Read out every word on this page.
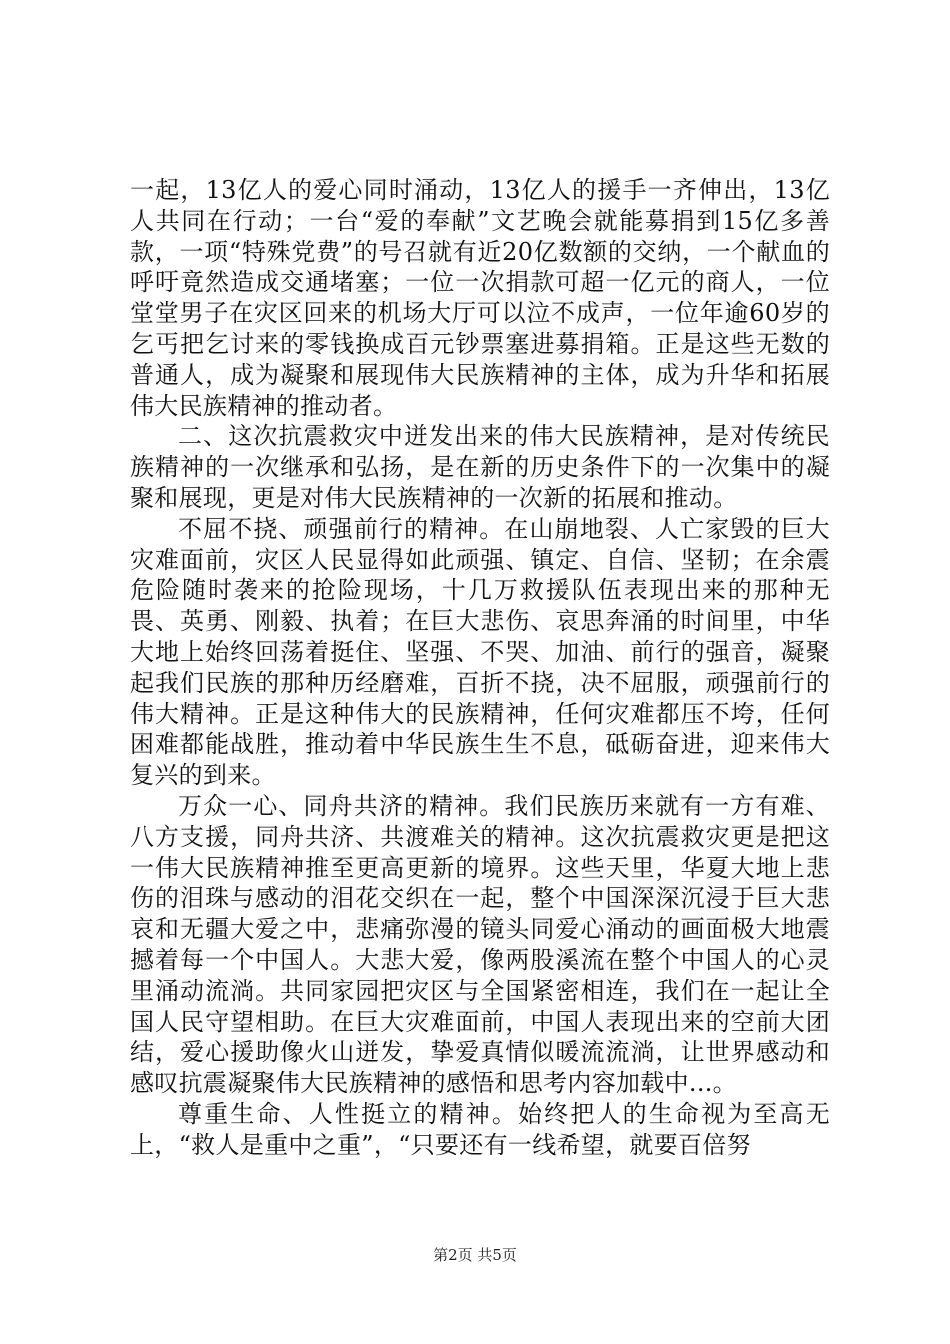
一起，13亿人的爱心同时涌动，13亿人的援手一齐伸出，13亿人共同在行动；一台“爱的奉献”文艺晚会就能募捐到15亿多善款，一项“特殊党费”的号召就有近20亿数额的交纳，一个献血的呼吁竟然造成交通堵塞；一位一次捐款可超一亿元的商人，一位堂堂男子在灾区回来的机场大厅可以泣不成声，一位年逾60岁的乞丐把乞讨来的零钱换成百元钞票塞进募捐箱。正是这些无数的普通人，成为凝聚和展现伟大民族精神的主体，成为升华和拓展伟大民族精神的推动者。

二、这次抗震救灾中迸发出来的伟大民族精神，是对传统民族精神的一次继承和弘扬，是在新的历史条件下的一次集中的凝聚和展现，更是对伟大民族精神的一次新的拓展和推动。

不屈不挠、顽强前行的精神。在山崩地裂、人亡家毁的巨大灾难面前，灾区人民显得如此顽强、镇定、自信、坚韧；在余震危险随时袭来的抢险现场，十几万救援队伍表现出来的那种无畏、英勇、刚毅、执着；在巨大悲伤、哀思奔涌的时间里，中华大地上始终回荡着挺住、坚强、不哭、加油、前行的强音，凝聚起我们民族的那种历经磨难，百折不挠，决不屈服，顽强前行的伟大精神。正是这种伟大的民族精神，任何灾难都压不垮，任何困难都能战胜，推动着中华民族生生不息，砥砺奋进，迎来伟大复兴的到来。

万众一心、同舟共济的精神。我们民族历来就有一方有难、八方支援，同舟共济、共渡难关的精神。这次抗震救灾更是把这一伟大民族精神推至更高更新的境界。这些天里，华夏大地上悲伤的泪珠与感动的泪花交织在一起，整个中国深深沉浸于巨大悲哀和无疆大爱之中，悲痛弥漫的镜头同爱心涌动的画面极大地震撼着每一个中国人。大悲大爱，像两股溪流在整个中国人的心灵里涌动流淌。共同家园把灾区与全国紧密相连，我们在一起让全国人民守望相助。在巨大灾难面前，中国人表现出来的空前大团结，爱心援助像火山迸发，挚爱真情似暖流流淌，让世界感动和感叹抗震凝聚伟大民族精神的感悟和思考内容加载中...。

尊重生命、人性挺立的精神。始终把人的生命视为至高无上，“救人是重中之重”，“只要还有一线希望，就要百倍努

第2页 共5页
